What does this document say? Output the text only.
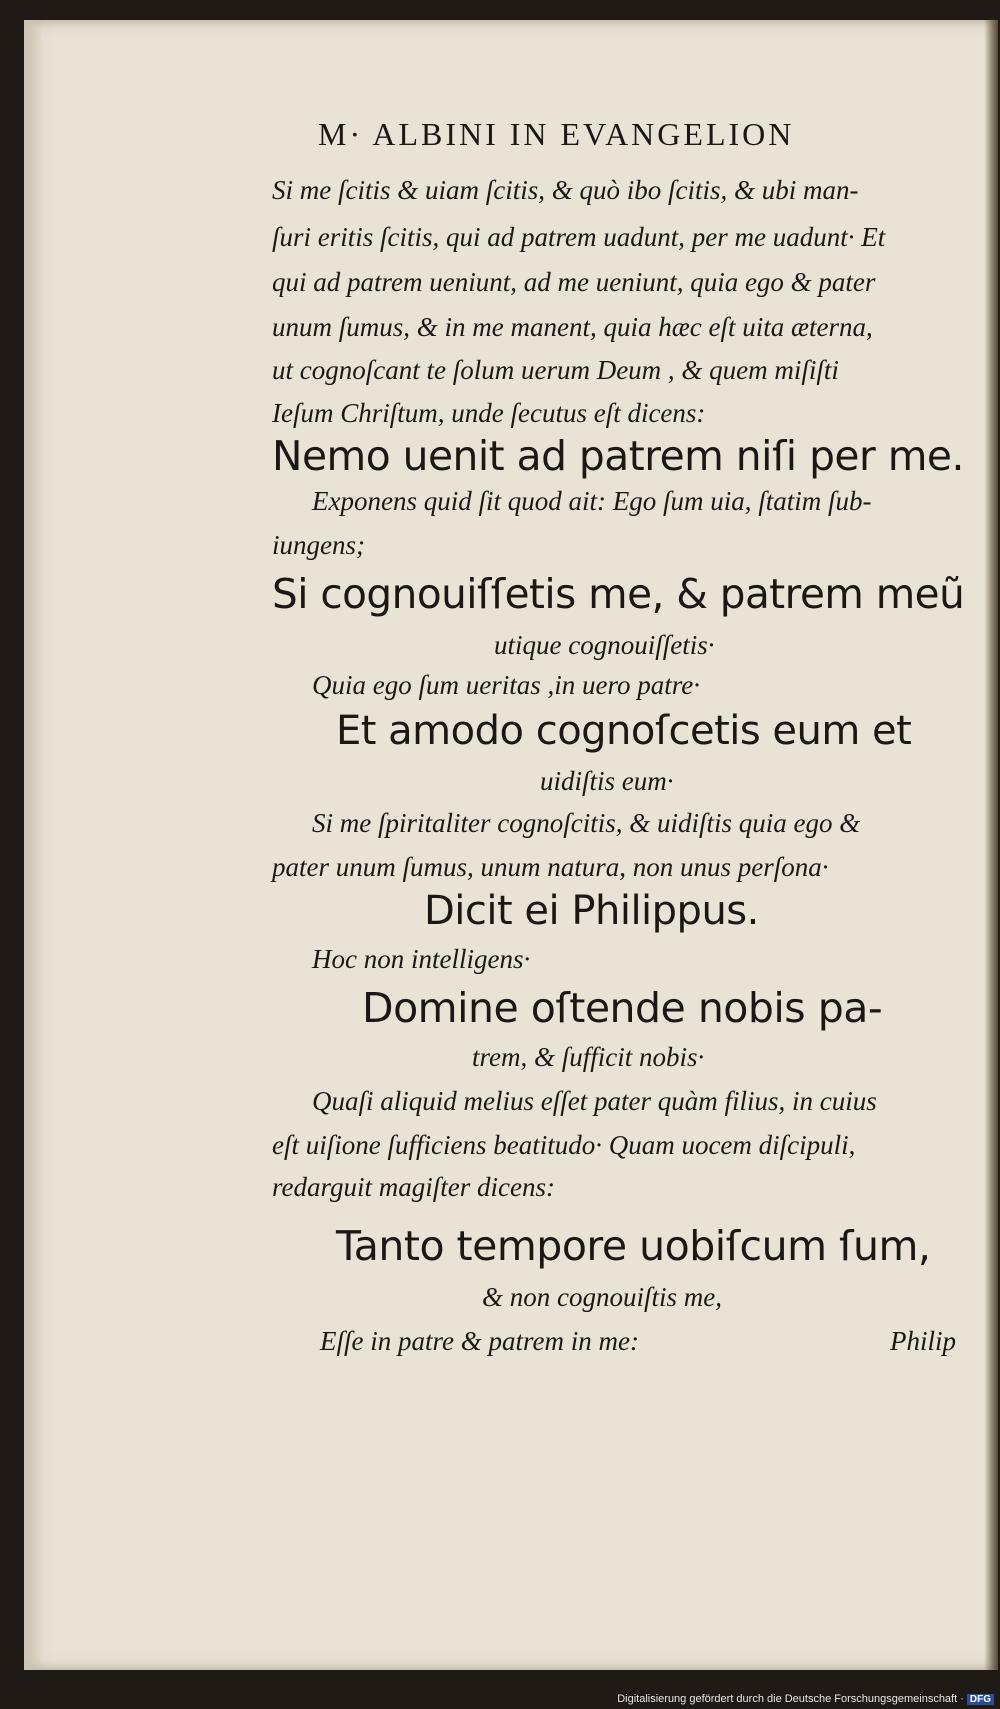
M· ALBINI IN EVANGELION
Si me ſcitis & uiam ſcitis, & quò ibo ſcitis, & ubi man-
ſuri eritis ſcitis, qui ad patrem uadunt, per me uadunt· Et
qui ad patrem ueniunt, ad me ueniunt, quia ego & pater
unum ſumus, & in me manent, quia hæc eſt uita æterna,
ut cognoſcant te ſolum uerum Deum , & quem miſiſti
Ieſum Chriſtum, unde ſecutus eſt dicens:
Nemo uenit ad patrem niſi per me.
Exponens quid ſit quod ait: Ego ſum uia, ſtatim ſub-
iungens;
Si cognouiſſetis me, & patrem meũ
utique cognouiſſetis·
Quia ego ſum ueritas ,in uero patre·
Et amodo cognoſcetis eum et
uidiſtis eum·
Si me ſpiritaliter cognoſcitis, & uidiſtis quia ego &
pater unum ſumus, unum natura, non unus perſona·
Dicit ei Philippus.
Hoc non intelligens·
Domine oſtende nobis pa-
trem, & ſufficit nobis·
Quaſi aliquid melius eſſet pater quàm filius, in cuius
eſt uiſione ſufficiens beatitudo· Quam uocem diſcipuli,
redarguit magiſter dicens:
Tanto tempore uobiſcum ſum,
& non cognouiſtis me,
Eſſe in patre & patrem in me:	Philip
Digitalisierung gefördert durch die Deutsche Forschungsgemeinschaft · DFG
